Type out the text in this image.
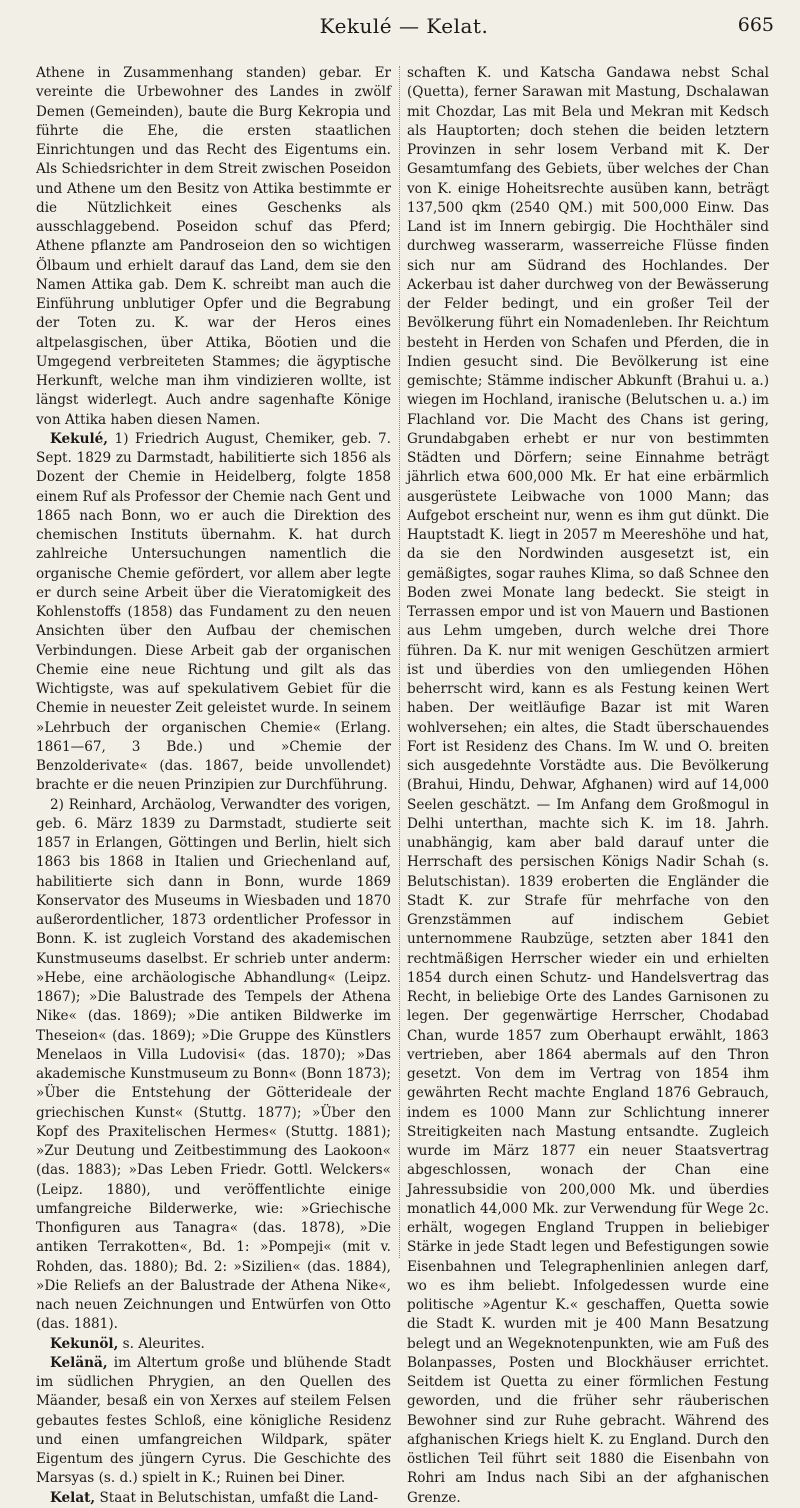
Kekulé — Kelat.	665

Athene in Zusammenhang standen) gebar. Er vereinte die Urbewohner des Landes in zwölf Demen (Gemeinden), baute die Burg Kekropia und führte die Ehe, die ersten staatlichen Einrichtungen und das Recht des Eigentums ein. Als Schiedsrichter in dem Streit zwischen Poseidon und Athene um den Besitz von Attika bestimmte er die Nützlichkeit eines Geschenks als ausschlaggebend. Poseidon schuf das Pferd; Athene pflanzte am Pandroseion den so wichtigen Ölbaum und erhielt darauf das Land, dem sie den Namen Attika gab. Dem K. schreibt man auch die Einführung unblutiger Opfer und die Begrabung der Toten zu. K. war der Heros eines altpelasgischen, über Attika, Böotien und die Umgegend verbreiteten Stammes; die ägyptische Herkunft, welche man ihm vindizieren wollte, ist längst widerlegt. Auch andre sagenhafte Könige von Attika haben diesen Namen.

Kekulé, 1) Friedrich August, Chemiker, geb. 7. Sept. 1829 zu Darmstadt, habilitierte sich 1856 als Dozent der Chemie in Heidelberg, folgte 1858 einem Ruf als Professor der Chemie nach Gent und 1865 nach Bonn, wo er auch die Direktion des chemischen Instituts übernahm. K. hat durch zahlreiche Untersuchungen namentlich die organische Chemie gefördert, vor allem aber legte er durch seine Arbeit über die Vieratomigkeit des Kohlenstoffs (1858) das Fundament zu den neuen Ansichten über den Aufbau der chemischen Verbindungen. Diese Arbeit gab der organischen Chemie eine neue Richtung und gilt als das Wichtigste, was auf spekulativem Gebiet für die Chemie in neuester Zeit geleistet wurde. In seinem »Lehrbuch der organischen Chemie« (Erlang. 1861—67, 3 Bde.) und »Chemie der Benzolderivate« (das. 1867, beide unvollendet) brachte er die neuen Prinzipien zur Durchführung.

2) Reinhard, Archäolog, Verwandter des vorigen, geb. 6. März 1839 zu Darmstadt, studierte seit 1857 in Erlangen, Göttingen und Berlin, hielt sich 1863 bis 1868 in Italien und Griechenland auf, habilitierte sich dann in Bonn, wurde 1869 Konservator des Museums in Wiesbaden und 1870 außerordentlicher, 1873 ordentlicher Professor in Bonn. K. ist zugleich Vorstand des akademischen Kunstmuseums daselbst. Er schrieb unter anderm: »Hebe, eine archäologische Abhandlung« (Leipz. 1867); »Die Balustrade des Tempels der Athena Nike« (das. 1869); »Die antiken Bildwerke im Theseion« (das. 1869); »Die Gruppe des Künstlers Menelaos in Villa Ludovisi« (das. 1870); »Das akademische Kunstmuseum zu Bonn« (Bonn 1873); »Über die Entstehung der Götterideale der griechischen Kunst« (Stuttg. 1877); »Über den Kopf des Praxitelischen Hermes« (Stuttg. 1881); »Zur Deutung und Zeitbestimmung des Laokoon« (das. 1883); »Das Leben Friedr. Gottl. Welckers« (Leipz. 1880), und veröffentlichte einige umfangreiche Bilderwerke, wie: »Griechische Thonfiguren aus Tanagra« (das. 1878), »Die antiken Terrakotten«, Bd. 1: »Pompeji« (mit v. Rohden, das. 1880); Bd. 2: »Sizilien« (das. 1884), »Die Reliefs an der Balustrade der Athena Nike«, nach neuen Zeichnungen und Entwürfen von Otto (das. 1881).

Kekunöl, s. Aleurites.

Kelänä, im Altertum große und blühende Stadt im südlichen Phrygien, an den Quellen des Mäander, besaß ein von Xerxes auf steilem Felsen gebautes festes Schloß, eine königliche Residenz und einen umfangreichen Wildpark, später Eigentum des jüngern Cyrus. Die Geschichte des Marsyas (s. d.) spielt in K.; Ruinen bei Diner.

Kelat, Staat in Belutschistan, umfaßt die Land-

schaften K. und Katscha Gandawa nebst Schal (Quetta), ferner Sarawan mit Mastung, Dschalawan mit Chozdar, Las mit Bela und Mekran mit Kedsch als Hauptorten; doch stehen die beiden letztern Provinzen in sehr losem Verband mit K. Der Gesamtumfang des Gebiets, über welches der Chan von K. einige Hoheitsrechte ausüben kann, beträgt 137,500 qkm (2540 QM.) mit 500,000 Einw. Das Land ist im Innern gebirgig. Die Hochthäler sind durchweg wasserarm, wasserreiche Flüsse finden sich nur am Südrand des Hochlandes. Der Ackerbau ist daher durchweg von der Bewässerung der Felder bedingt, und ein großer Teil der Bevölkerung führt ein Nomadenleben. Ihr Reichtum besteht in Herden von Schafen und Pferden, die in Indien gesucht sind. Die Bevölkerung ist eine gemischte; Stämme indischer Abkunft (Brahui u. a.) wiegen im Hochland, iranische (Belutschen u. a.) im Flachland vor. Die Macht des Chans ist gering, Grundabgaben erhebt er nur von bestimmten Städten und Dörfern; seine Einnahme beträgt jährlich etwa 600,000 Mk. Er hat eine erbärmlich ausgerüstete Leibwache von 1000 Mann; das Aufgebot erscheint nur, wenn es ihm gut dünkt. Die Hauptstadt K. liegt in 2057 m Meereshöhe und hat, da sie den Nordwinden ausgesetzt ist, ein gemäßigtes, sogar rauhes Klima, so daß Schnee den Boden zwei Monate lang bedeckt. Sie steigt in Terrassen empor und ist von Mauern und Bastionen aus Lehm umgeben, durch welche drei Thore führen. Da K. nur mit wenigen Geschützen armiert ist und überdies von den umliegenden Höhen beherrscht wird, kann es als Festung keinen Wert haben. Der weitläufige Bazar ist mit Waren wohlversehen; ein altes, die Stadt überschauendes Fort ist Residenz des Chans. Im W. und O. breiten sich ausgedehnte Vorstädte aus. Die Bevölkerung (Brahui, Hindu, Dehwar, Afghanen) wird auf 14,000 Seelen geschätzt. — Im Anfang dem Großmogul in Delhi unterthan, machte sich K. im 18. Jahrh. unabhängig, kam aber bald darauf unter die Herrschaft des persischen Königs Nadir Schah (s. Belutschistan). 1839 eroberten die Engländer die Stadt K. zur Strafe für mehrfache von den Grenzstämmen auf indischem Gebiet unternommene Raubzüge, setzten aber 1841 den rechtmäßigen Herrscher wieder ein und erhielten 1854 durch einen Schutz- und Handelsvertrag das Recht, in beliebige Orte des Landes Garnisonen zu legen. Der gegenwärtige Herrscher, Chodabad Chan, wurde 1857 zum Oberhaupt erwählt, 1863 vertrieben, aber 1864 abermals auf den Thron gesetzt. Von dem im Vertrag von 1854 ihm gewährten Recht machte England 1876 Gebrauch, indem es 1000 Mann zur Schlichtung innerer Streitigkeiten nach Mastung entsandte. Zugleich wurde im März 1877 ein neuer Staatsvertrag abgeschlossen, wonach der Chan eine Jahressubsidie von 200,000 Mk. und überdies monatlich 44,000 Mk. zur Verwendung für Wege 2c. erhält, wogegen England Truppen in beliebiger Stärke in jede Stadt legen und Befestigungen sowie Eisenbahnen und Telegraphenlinien anlegen darf, wo es ihm beliebt. Infolgedessen wurde eine politische »Agentur K.« geschaffen, Quetta sowie die Stadt K. wurden mit je 400 Mann Besatzung belegt und an Wegeknotenpunkten, wie am Fuß des Bolanpasses, Posten und Blockhäuser errichtet. Seitdem ist Quetta zu einer förmlichen Festung geworden, und die früher sehr räuberischen Bewohner sind zur Ruhe gebracht. Während des afghanischen Kriegs hielt K. zu England. Durch den östlichen Teil führt seit 1880 die Eisenbahn von Rohri am Indus nach Sibi an der afghanischen Grenze.
